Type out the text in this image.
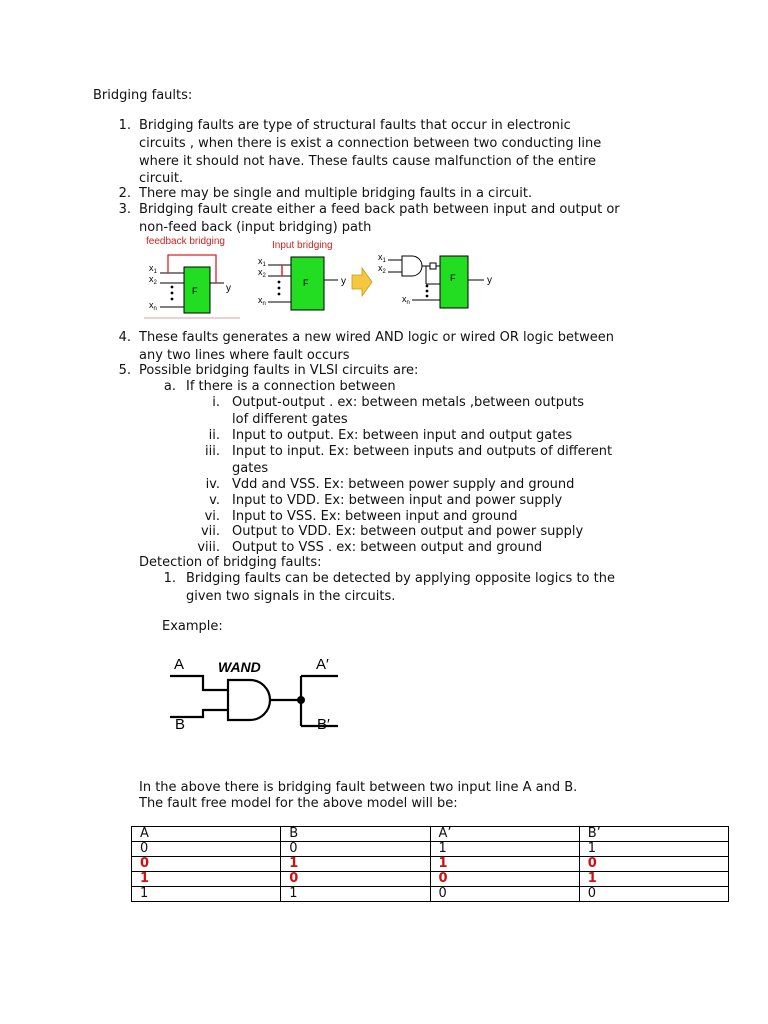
Bridging faults:
1. Bridging faults are type of structural faults that occur in electronic
circuits , when there is exist a connection between two conducting line
where it should not have. These faults cause malfunction of the entire
circuit.
2. There may be single and multiple bridging faults in a circuit.
3. Bridging fault create either a feed back path between input and output or
non-feed back (input bridging) path
feedback bridging
F	y
$x_1$
$x_2$
$x_n$
Input bridging
F	y
$x_1$
$x_2$
$x_n$
F	y
$x_1$
$x_2$
$x_n$
4. These faults generates a new wired AND logic or wired OR logic between
any two lines where fault occurs
5. Possible bridging faults in VLSI circuits are:
a. If there is a connection between
i. Output-output . ex: between metals ,between outputs
lof different gates
ii. Input to output. Ex: between input and output gates
iii. Input to input. Ex: between inputs and outputs of different
gates
iv. Vdd and VSS. Ex: between power supply and ground
v. Input to VDD. Ex: between input and power supply
vi. Input to VSS. Ex: between input and ground
vii. Output to VDD. Ex: between output and power supply
viii. Output to VSS . ex: between output and ground
Detection of bridging faults:
1. Bridging faults can be detected by applying opposite logics to the
given two signals in the circuits.
Example:
A
B
A′
B′
WAND
In the above there is bridging fault between two input line A and B.
The fault free model for the above model will be:
A	B	A’	B’
0	0	1	1
0	1	1	0
1	0	0	1
1	1	0	0
